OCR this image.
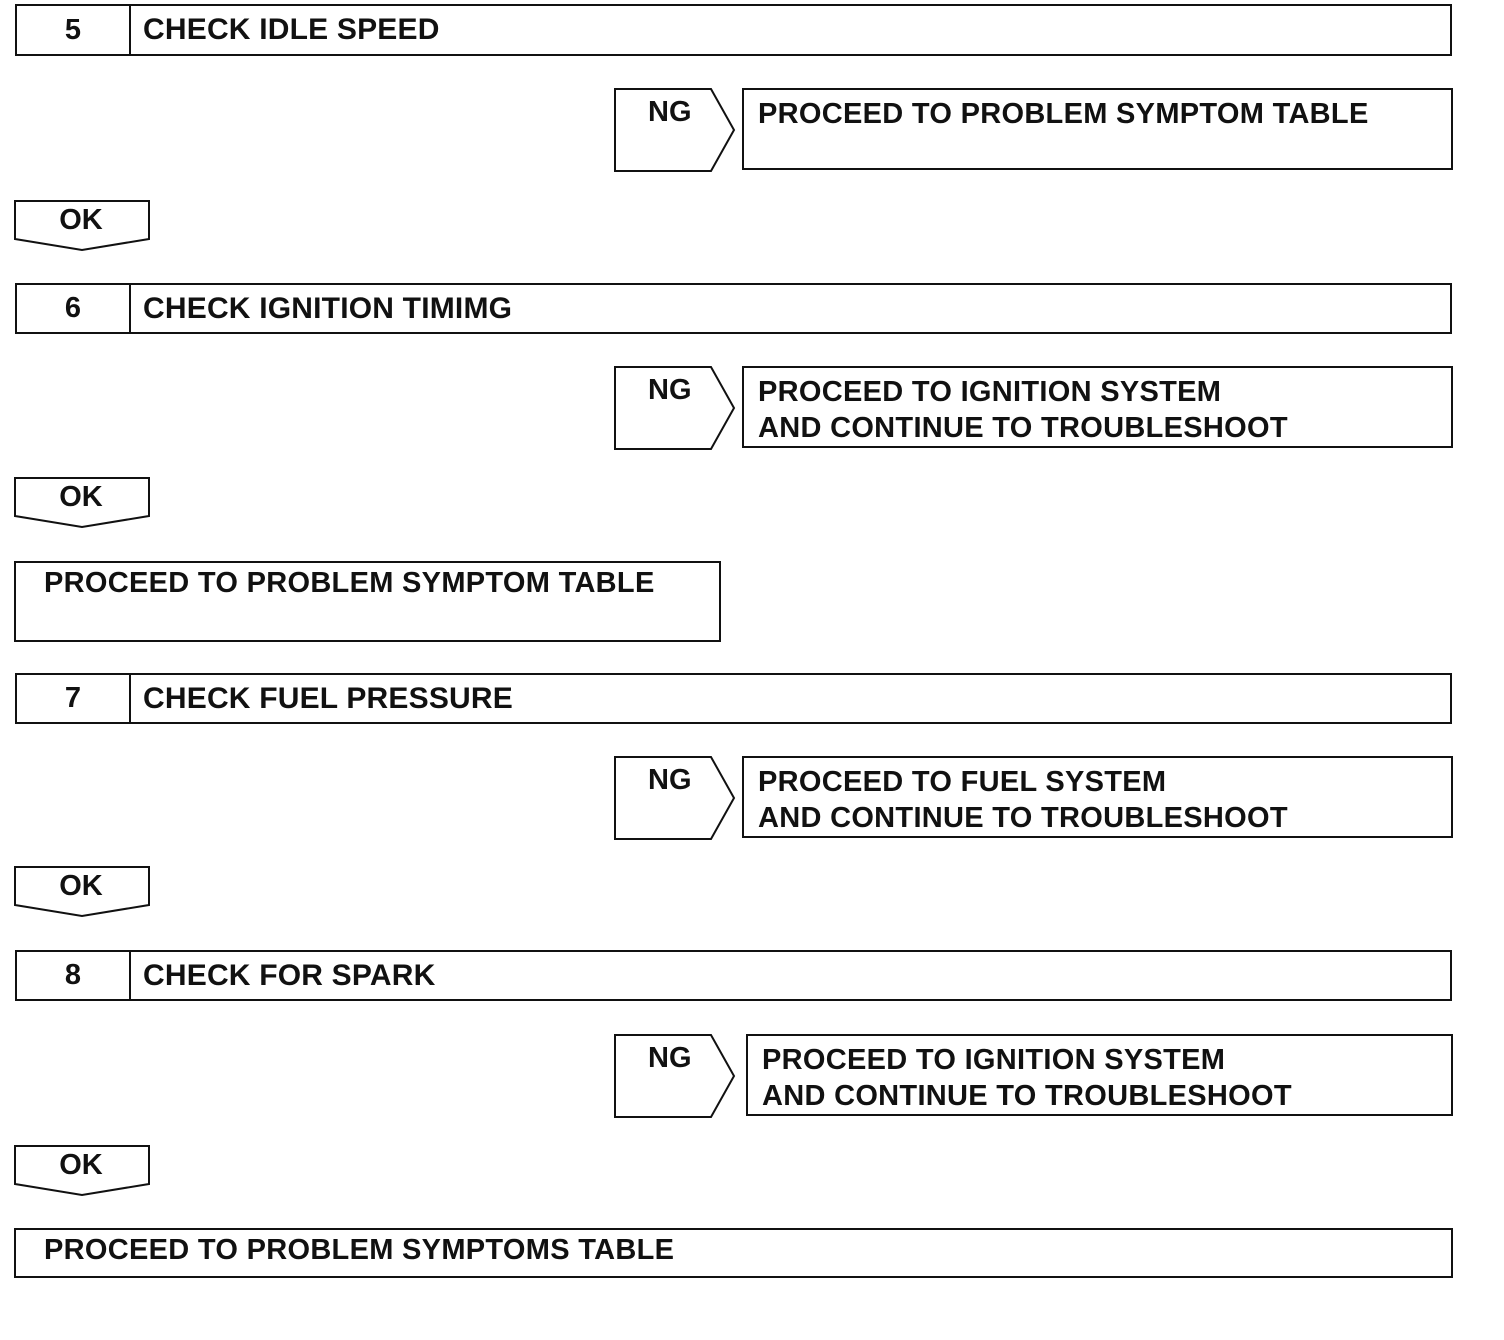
5	CHECK IDLE SPEED
NG PROCEED TO PROBLEM SYMPTOM TABLE
OK
6	CHECK IGNITION TIMIMG
NG PROCEED TO IGNITION SYSTEM
AND CONTINUE TO TROUBLESHOOT
OK
PROCEED TO PROBLEM SYMPTOM TABLE
7	CHECK FUEL PRESSURE
NG PROCEED TO FUEL SYSTEM
AND CONTINUE TO TROUBLESHOOT
OK
8	CHECK FOR SPARK
NG PROCEED TO IGNITION SYSTEM
AND CONTINUE TO TROUBLESHOOT
OK
PROCEED TO PROBLEM SYMPTOMS TABLE
